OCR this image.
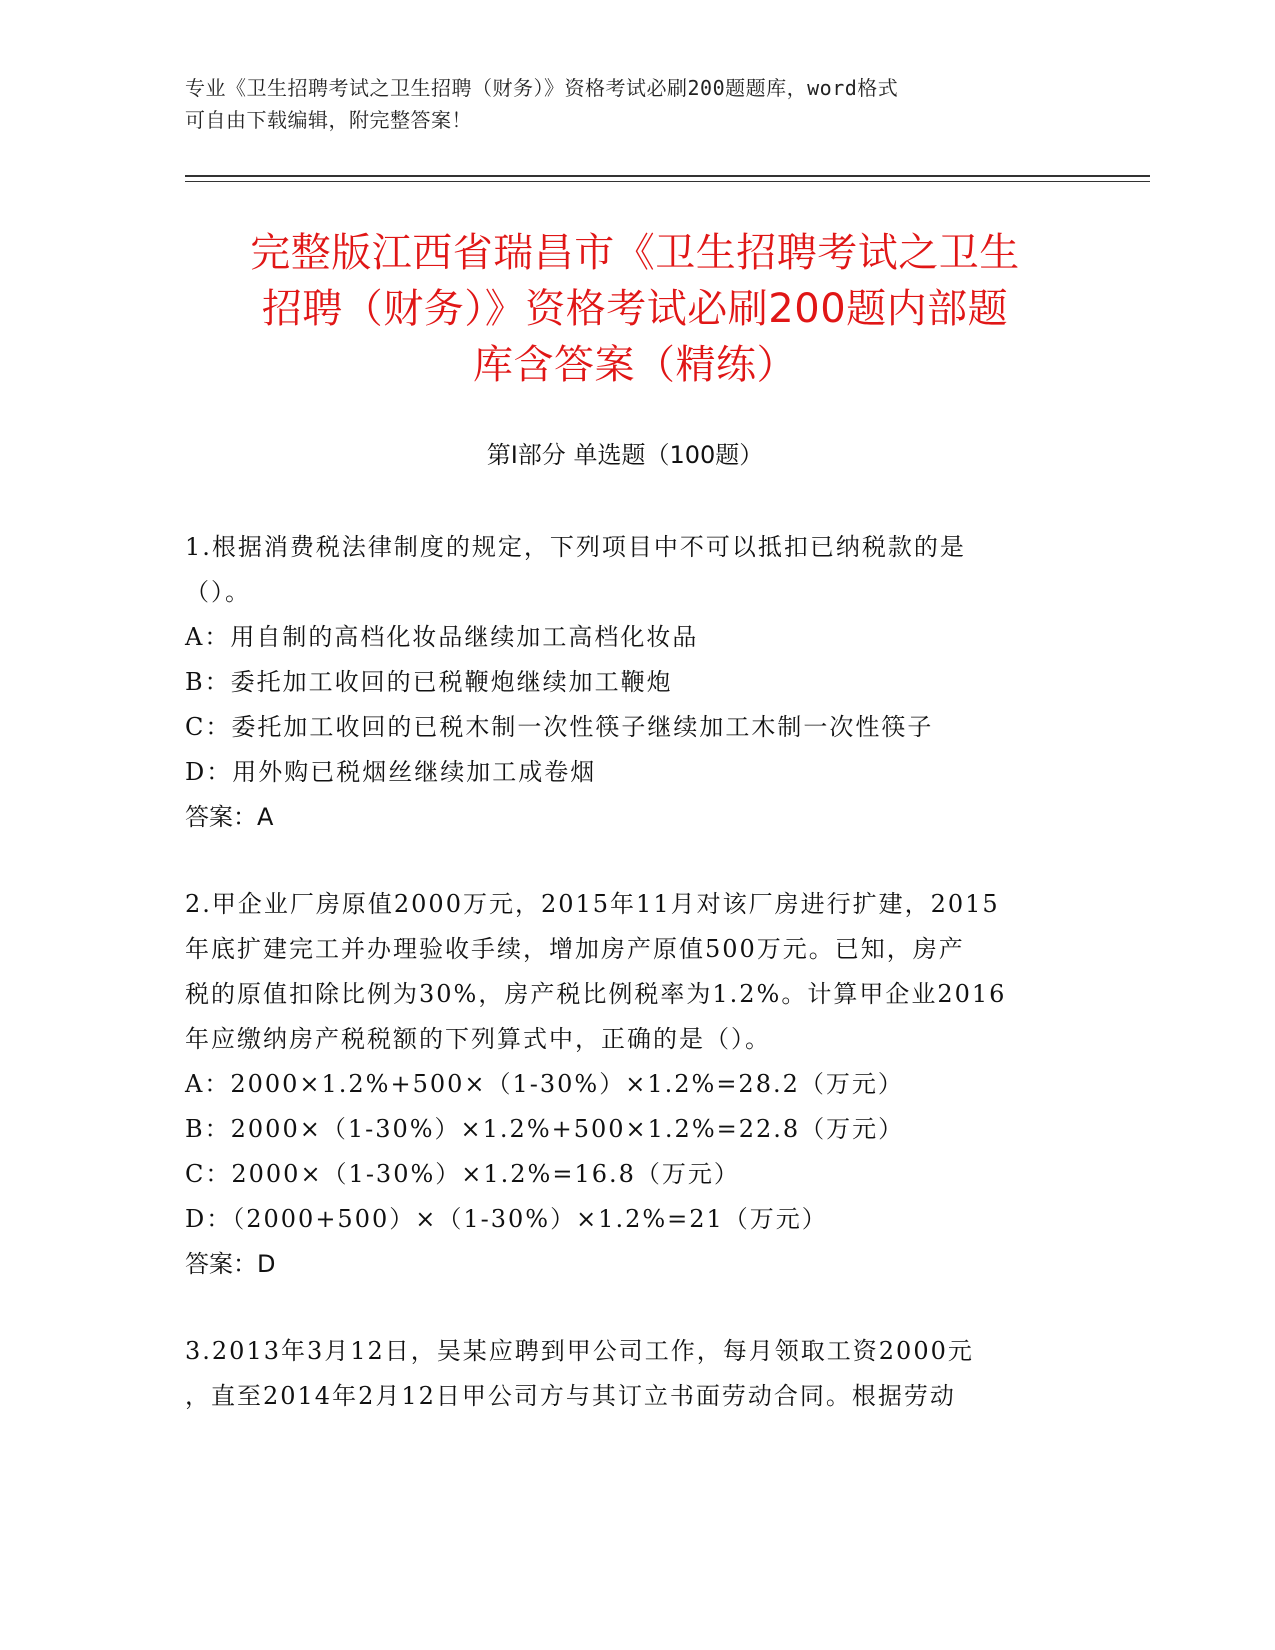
专业《卫生招聘考试之卫生招聘（财务）》资格考试必刷200题题库，word格式
可自由下载编辑，附完整答案！
完整版江西省瑞昌市《卫生招聘考试之卫生
招聘（财务）》资格考试必刷200题内部题
库含答案（精练）
第Ⅰ部分 单选题（100题）
1.根据消费税法律制度的规定，下列项目中不可以抵扣已纳税款的是
（）。
A：用自制的高档化妆品继续加工高档化妆品
B：委托加工收回的已税鞭炮继续加工鞭炮
C：委托加工收回的已税木制一次性筷子继续加工木制一次性筷子
D：用外购已税烟丝继续加工成卷烟
答案：A
2.甲企业厂房原值2000万元，2015年11月对该厂房进行扩建，2015
年底扩建完工并办理验收手续，增加房产原值500万元。已知，房产
税的原值扣除比例为30%，房产税比例税率为1.2%。计算甲企业2016
年应缴纳房产税税额的下列算式中，正确的是（）。
A：2000×1.2%+500×（1-30%）×1.2%=28.2（万元）
B：2000×（1-30%）×1.2%+500×1.2%=22.8（万元）
C：2000×（1-30%）×1.2%=16.8（万元）
D：（2000+500）×（1-30%）×1.2%=21（万元）
答案：D
3.2013年3月12日，吴某应聘到甲公司工作，每月领取工资2000元
，直至2014年2月12日甲公司方与其订立书面劳动合同。根据劳动
